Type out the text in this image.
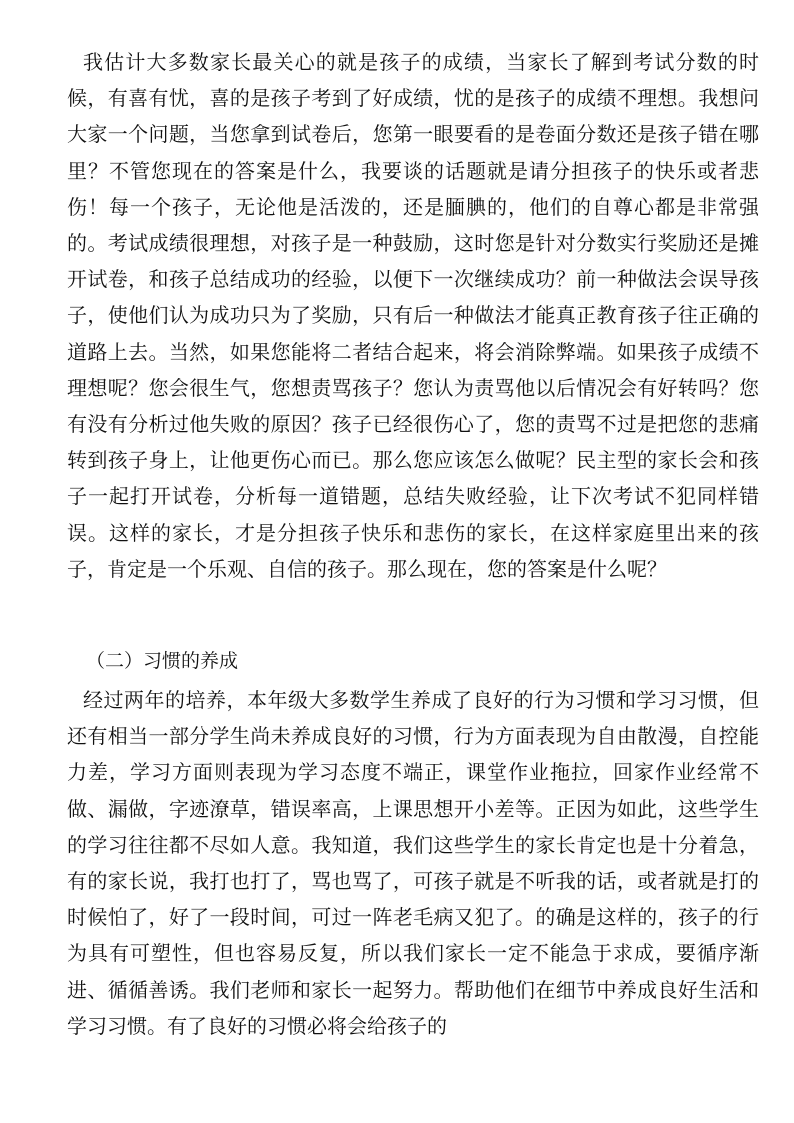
我估计大多数家长最关心的就是孩子的成绩，当家长了解到考试分数的时候，有喜有忧，喜的是孩子考到了好成绩，忧的是孩子的成绩不理想。我想问大家一个问题，当您拿到试卷后，您第一眼要看的是卷面分数还是孩子错在哪里？不管您现在的答案是什么，我要谈的话题就是请分担孩子的快乐或者悲伤！每一个孩子，无论他是活泼的，还是腼腆的，他们的自尊心都是非常强的。考试成绩很理想，对孩子是一种鼓励，这时您是针对分数实行奖励还是摊开试卷，和孩子总结成功的经验，以便下一次继续成功？前一种做法会误导孩子，使他们认为成功只为了奖励，只有后一种做法才能真正教育孩子往正确的道路上去。当然，如果您能将二者结合起来，将会消除弊端。如果孩子成绩不理想呢？您会很生气，您想责骂孩子？您认为责骂他以后情况会有好转吗？您有没有分析过他失败的原因？孩子已经很伤心了，您的责骂不过是把您的悲痛转到孩子身上，让他更伤心而已。那么您应该怎么做呢？民主型的家长会和孩子一起打开试卷，分析每一道错题，总结失败经验，让下次考试不犯同样错误。这样的家长，才是分担孩子快乐和悲伤的家长，在这样家庭里出来的孩子，肯定是一个乐观、自信的孩子。那么现在，您的答案是什么呢？

（二）习惯的养成

经过两年的培养，本年级大多数学生养成了良好的行为习惯和学习习惯，但还有相当一部分学生尚未养成良好的习惯，行为方面表现为自由散漫，自控能力差，学习方面则表现为学习态度不端正，课堂作业拖拉，回家作业经常不做、漏做，字迹潦草，错误率高，上课思想开小差等。正因为如此，这些学生的学习往往都不尽如人意。我知道，我们这些学生的家长肯定也是十分着急，有的家长说，我打也打了，骂也骂了，可孩子就是不听我的话，或者就是打的时候怕了，好了一段时间，可过一阵老毛病又犯了。的确是这样的，孩子的行为具有可塑性，但也容易反复，所以我们家长一定不能急于求成，要循序渐进、循循善诱。我们老师和家长一起努力。帮助他们在细节中养成良好生活和学习习惯。有了良好的习惯必将会给孩子的
